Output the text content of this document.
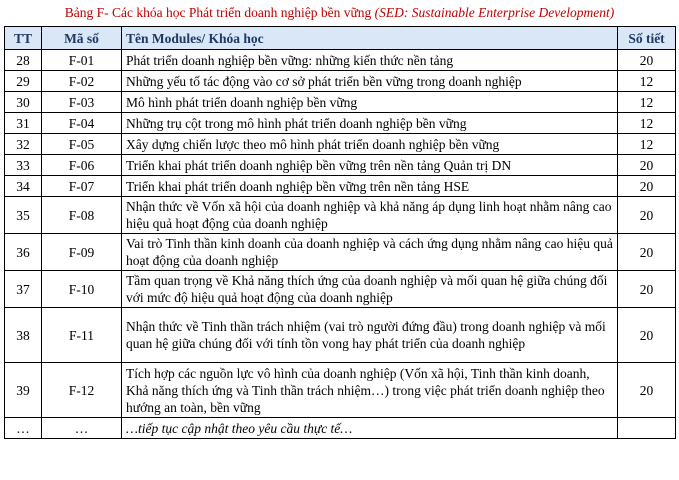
Bảng F- Các khóa học Phát triển doanh nghiệp bền vững (SED: Sustainable Enterprise Development)
TT	Mã số	Tên Modules/ Khóa học	Số tiết
28	F-01	Phát triển doanh nghiệp bền vững: những kiến thức nền tảng	20
29	F-02	Những yếu tố tác động vào cơ sở phát triển bền vững trong doanh nghiệp	12
30	F-03	Mô hình phát triển doanh nghiệp bền vững	12
31	F-04	Những trụ cột trong mô hình phát triển doanh nghiệp bền vững	12
32	F-05	Xây dựng chiến lược theo mô hình phát triển doanh nghiệp bền vững	12
33	F-06	Triển khai phát triển doanh nghiệp bền vững trên nền tảng Quản trị DN	20
34	F-07	Triển khai phát triển doanh nghiệp bền vững trên nền tảng HSE	20
35	F-08	Nhận thức về Vốn xã hội của doanh nghiệp và khả năng áp dụng linh hoạt nhằm nâng cao hiệu quả hoạt động của doanh nghiệp	20
36	F-09	Vai trò Tinh thần kinh doanh của doanh nghiệp và cách ứng dụng nhằm nâng cao hiệu quả hoạt động của doanh nghiệp	20
37	F-10	Tầm quan trọng về Khả năng thích ứng của doanh nghiệp và mối quan hệ giữa chúng đối với mức độ hiệu quả hoạt động của doanh nghiệp	20
38	F-11	Nhận thức về Tinh thần trách nhiệm (vai trò người đứng đầu) trong doanh nghiệp và mối quan hệ giữa chúng đối với tính tồn vong hay phát triển của doanh nghiệp	20
39	F-12	Tích hợp các nguồn lực vô hình của doanh nghiệp (Vốn xã hội, Tinh thần kinh doanh, Khả năng thích ứng và Tinh thần trách nhiệm…) trong việc phát triển doanh nghiệp theo hướng an toàn, bền vững	20
…	…	…tiếp tục cập nhật theo yêu cầu thực tế…	
